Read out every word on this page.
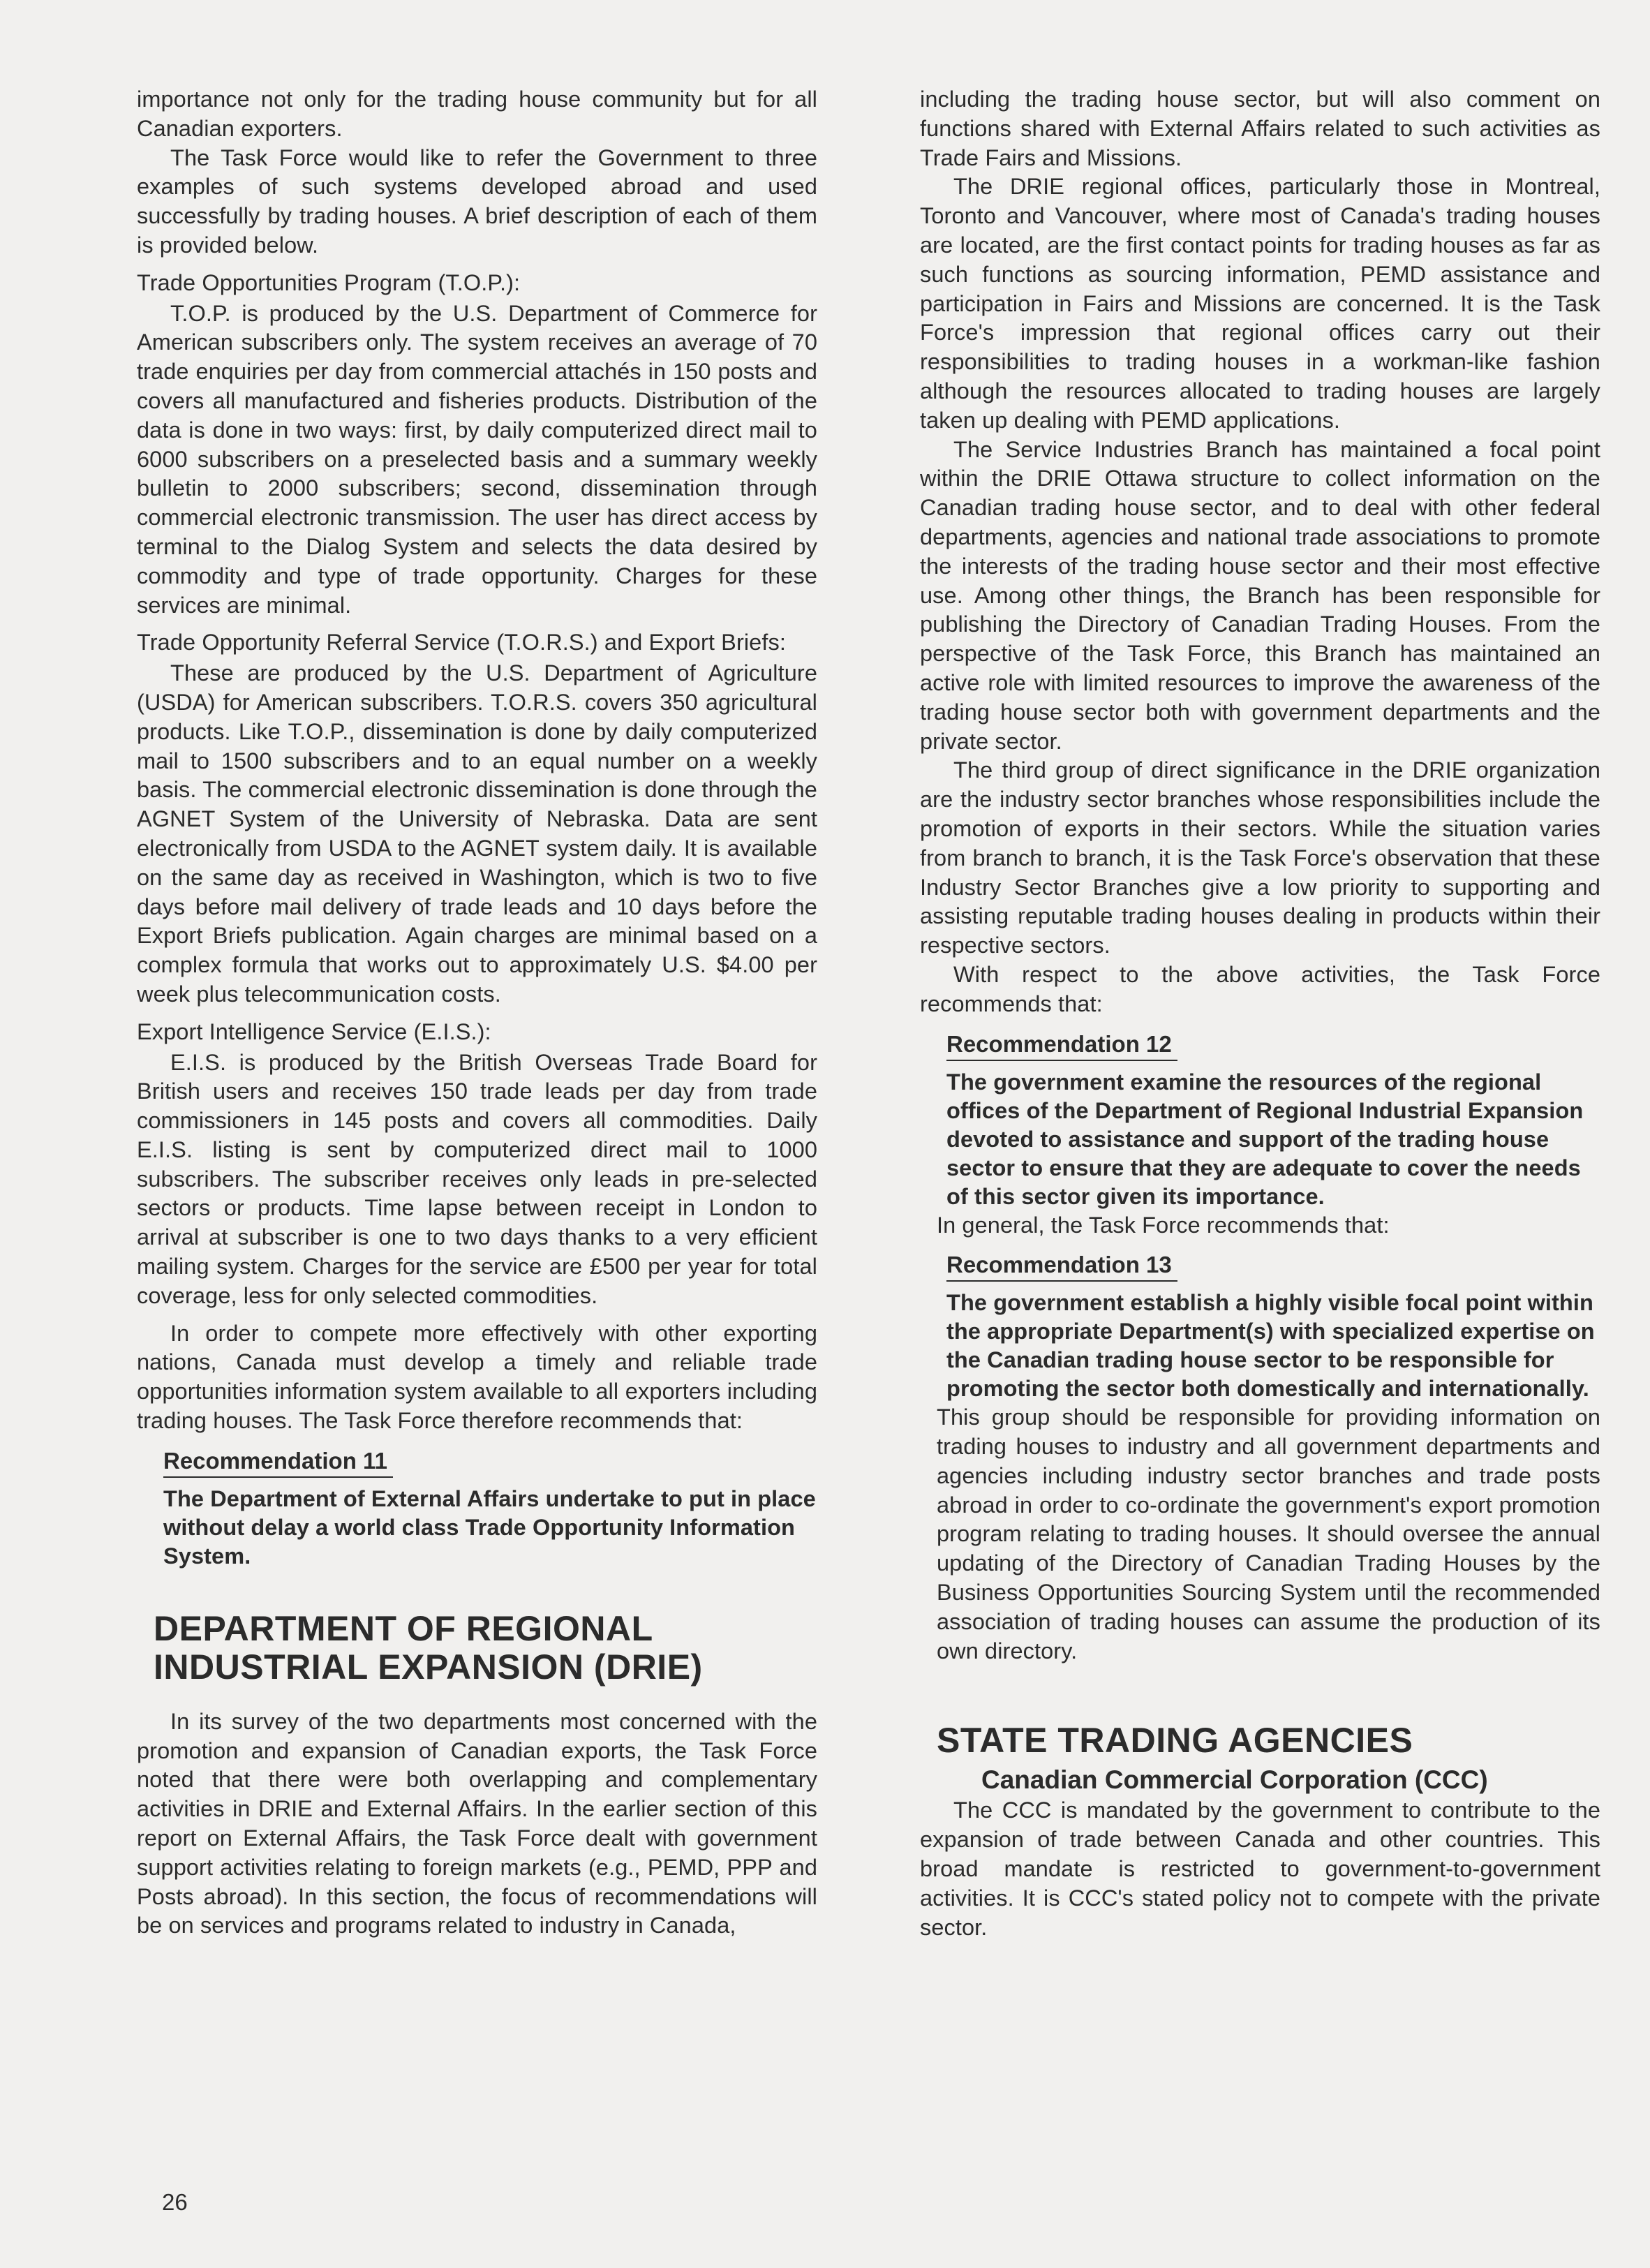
importance not only for the trading house community but for all Canadian exporters.

The Task Force would like to refer the Government to three examples of such systems developed abroad and used successfully by trading houses. A brief description of each of them is provided below.

Trade Opportunities Program (T.O.P.):

T.O.P. is produced by the U.S. Department of Commerce for American subscribers only. The system receives an average of 70 trade enquiries per day from commercial attachés in 150 posts and covers all manufactured and fisheries products. Distribution of the data is done in two ways: first, by daily computerized direct mail to 6000 subscribers on a preselected basis and a summary weekly bulletin to 2000 subscribers; second, dissemination through commercial electronic transmission. The user has direct access by terminal to the Dialog System and selects the data desired by commodity and type of trade opportunity. Charges for these services are minimal.

Trade Opportunity Referral Service (T.O.R.S.) and Export Briefs:

These are produced by the U.S. Department of Agriculture (USDA) for American subscribers. T.O.R.S. covers 350 agricultural products. Like T.O.P., dissemination is done by daily computerized mail to 1500 subscribers and to an equal number on a weekly basis. The commercial electronic dissemination is done through the AGNET System of the University of Nebraska. Data are sent electronically from USDA to the AGNET system daily. It is available on the same day as received in Washington, which is two to five days before mail delivery of trade leads and 10 days before the Export Briefs publication. Again charges are minimal based on a complex formula that works out to approximately U.S. $4.00 per week plus telecommunication costs.

Export Intelligence Service (E.I.S.):

E.I.S. is produced by the British Overseas Trade Board for British users and receives 150 trade leads per day from trade commissioners in 145 posts and covers all commodities. Daily E.I.S. listing is sent by computerized direct mail to 1000 subscribers. The subscriber receives only leads in pre-selected sectors or products. Time lapse between receipt in London to arrival at subscriber is one to two days thanks to a very efficient mailing system. Charges for the service are £500 per year for total coverage, less for only selected commodities.

In order to compete more effectively with other exporting nations, Canada must develop a timely and reliable trade opportunities information system available to all exporters including trading houses. The Task Force therefore recommends that:

Recommendation 11

The Department of External Affairs undertake to put in place without delay a world class Trade Opportunity Information System.

DEPARTMENT OF REGIONAL INDUSTRIAL EXPANSION (DRIE)

In its survey of the two departments most concerned with the promotion and expansion of Canadian exports, the Task Force noted that there were both overlapping and complementary activities in DRIE and External Affairs. In the earlier section of this report on External Affairs, the Task Force dealt with government support activities relating to foreign markets (e.g., PEMD, PPP and Posts abroad). In this section, the focus of recommendations will be on services and programs related to industry in Canada,

including the trading house sector, but will also comment on functions shared with External Affairs related to such activities as Trade Fairs and Missions.

The DRIE regional offices, particularly those in Montreal, Toronto and Vancouver, where most of Canada's trading houses are located, are the first contact points for trading houses as far as such functions as sourcing information, PEMD assistance and participation in Fairs and Missions are concerned. It is the Task Force's impression that regional offices carry out their responsibilities to trading houses in a workman-like fashion although the resources allocated to trading houses are largely taken up dealing with PEMD applications.

The Service Industries Branch has maintained a focal point within the DRIE Ottawa structure to collect information on the Canadian trading house sector, and to deal with other federal departments, agencies and national trade associations to promote the interests of the trading house sector and their most effective use. Among other things, the Branch has been responsible for publishing the Directory of Canadian Trading Houses. From the perspective of the Task Force, this Branch has maintained an active role with limited resources to improve the awareness of the trading house sector both with government departments and the private sector.

The third group of direct significance in the DRIE organization are the industry sector branches whose responsibilities include the promotion of exports in their sectors. While the situation varies from branch to branch, it is the Task Force's observation that these Industry Sector Branches give a low priority to supporting and assisting reputable trading houses dealing in products within their respective sectors.

With respect to the above activities, the Task Force recommends that:

Recommendation 12

The government examine the resources of the regional offices of the Department of Regional Industrial Expansion devoted to assistance and support of the trading house sector to ensure that they are adequate to cover the needs of this sector given its importance.

In general, the Task Force recommends that:

Recommendation 13

The government establish a highly visible focal point within the appropriate Department(s) with specialized expertise on the Canadian trading house sector to be responsible for promoting the sector both domestically and internationally.

This group should be responsible for providing information on trading houses to industry and all government departments and agencies including industry sector branches and trade posts abroad in order to co-ordinate the government's export promotion program relating to trading houses. It should oversee the annual updating of the Directory of Canadian Trading Houses by the Business Opportunities Sourcing System until the recommended association of trading houses can assume the production of its own directory.

STATE TRADING AGENCIES
Canadian Commercial Corporation (CCC)

The CCC is mandated by the government to contribute to the expansion of trade between Canada and other countries. This broad mandate is restricted to government-to-government activities. It is CCC's stated policy not to compete with the private sector.

26
